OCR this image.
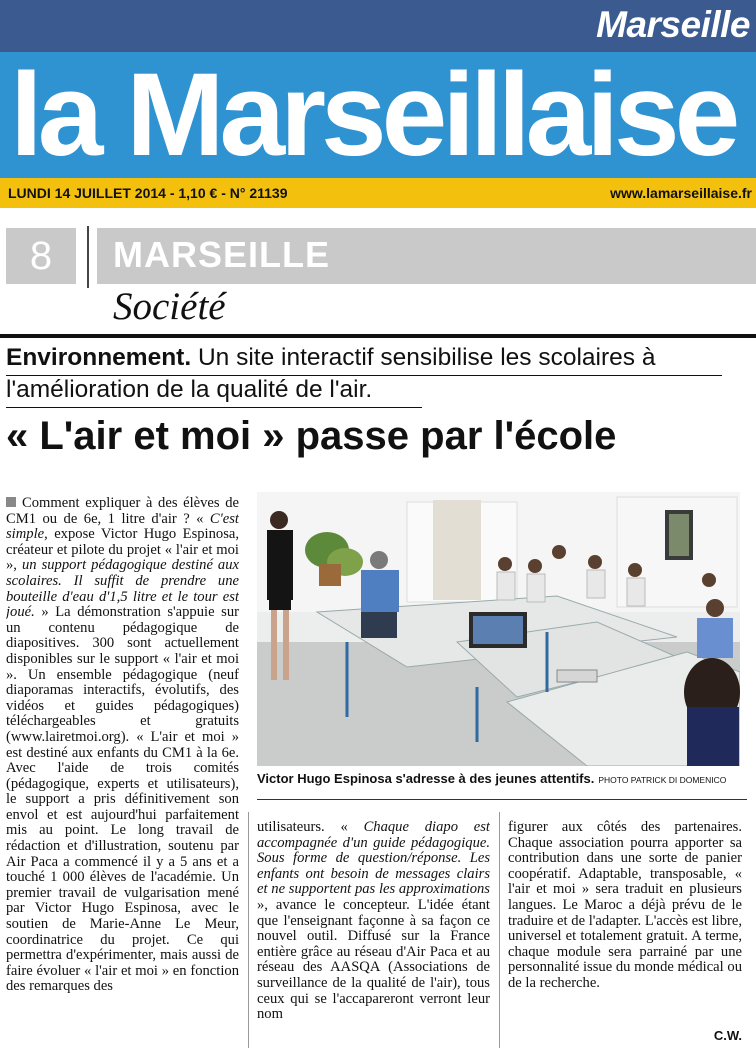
Marseille
la Marseillaise
LUNDI 14 JUILLET 2014 - 1,10 € - N° 21139	www.lamarseillaise.fr
8	MARSEILLE
Société
Environnement. Un site interactif sensibilise les scolaires à
l'amélioration de la qualité de l'air.
« L'air et moi » passe par l'école
Comment expliquer à des élèves de CM1 ou de 6e, 1 litre d'air ? « C'est simple, expose Victor Hugo Espinosa, créateur et pilote du projet « l'air et moi », un support pédagogique destiné aux scolaires. Il suffit de prendre une bouteille d'eau d'1,5 litre et le tour est joué. » La démonstration s'appuie sur un contenu pédagogique de diapositives. 300 sont actuellement disponibles sur le support « l'air et moi ». Un ensemble pédagogique (neuf diaporamas interactifs, évolutifs, des vidéos et guides pédagogiques) téléchargeables et gratuits (www.lairetmoi.org). « L'air et moi » est destiné aux enfants du CM1 à la 6e. Avec l'aide de trois comités (pédagogique, experts et utilisateurs), le support a pris définitivement son envol et est aujourd'hui parfaitement mis au point. Le long travail de rédaction et d'illustration, soutenu par Air Paca a commencé il y a 5 ans et a touché 1 000 élèves de l'académie. Un premier travail de vulgarisation mené par Victor Hugo Espinosa, avec le soutien de Marie-Anne Le Meur, coordinatrice du projet. Ce qui permettra d'expérimenter, mais aussi de faire évoluer « l'air et moi » en fonction des remarques des
Victor Hugo Espinosa s'adresse à des jeunes attentifs. PHOTO PATRICK DI DOMENICO
utilisateurs. « Chaque diapo est accompagnée d'un guide pédagogique. Sous forme de question/réponse. Les enfants ont besoin de messages clairs et ne supportent pas les approximations », avance le concepteur. L'idée étant que l'enseignant façonne à sa façon ce nouvel outil. Diffusé sur la France entière grâce au réseau d'Air Paca et au réseau des AASQA (Associations de surveillance de la qualité de l'air), tous ceux qui se l'accapareront verront leur nom
figurer aux côtés des partenaires. Chaque association pourra apporter sa contribution dans une sorte de panier coopératif. Adaptable, transposable, « l'air et moi » sera traduit en plusieurs langues. Le Maroc a déjà prévu de le traduire et de l'adapter. L'accès est libre, universel et totalement gratuit. A terme, chaque module sera parrainé par une personnalité issue du monde médical ou de la recherche.
C.W.
